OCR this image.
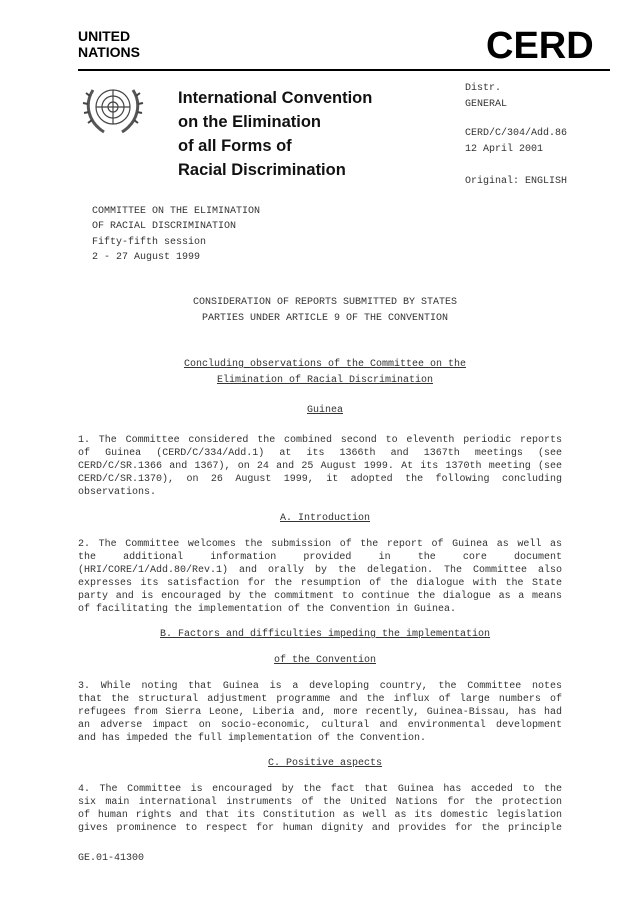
UNITED
NATIONS	CERD
International Convention
on the Elimination
of all Forms of
Racial Discrimination
Distr.
GENERAL
CERD/C/304/Add.86
12 April 2001
Original: ENGLISH
COMMITTEE ON THE ELIMINATION
OF RACIAL DISCRIMINATION
Fifty-fifth session
2 - 27 August 1999
CONSIDERATION OF REPORTS SUBMITTED BY STATES
PARTIES UNDER ARTICLE 9 OF THE CONVENTION
Concluding observations of the Committee on the
Elimination of Racial Discrimination
Guinea
1. The Committee considered the combined second to eleventh periodic reports
of Guinea (CERD/C/334/Add.1) at its 1366th and 1367th meetings (see
CERD/C/SR.1366 and 1367), on 24 and 25 August 1999. At its 1370th meeting (see
CERD/C/SR.1370), on 26 August 1999, it adopted the following concluding
observations.
A. Introduction
2. The Committee welcomes the submission of the report of Guinea as well as
the additional information provided in the core document
(HRI/CORE/1/Add.80/Rev.1) and orally by the delegation. The Committee also
expresses its satisfaction for the resumption of the dialogue with the State
party and is encouraged by the commitment to continue the dialogue as a means
of facilitating the implementation of the Convention in Guinea.
B. Factors and difficulties impeding the implementation
of the Convention
3. While noting that Guinea is a developing country, the Committee notes
that the structural adjustment programme and the influx of large numbers of
refugees from Sierra Leone, Liberia and, more recently, Guinea-Bissau, has had
an adverse impact on socio-economic, cultural and environmental development
and has impeded the full implementation of the Convention.
C. Positive aspects
4. The Committee is encouraged by the fact that Guinea has acceded to the
six main international instruments of the United Nations for the protection
of human rights and that its Constitution as well as its domestic legislation
gives prominence to respect for human dignity and provides for the principle
GE.01-41300
